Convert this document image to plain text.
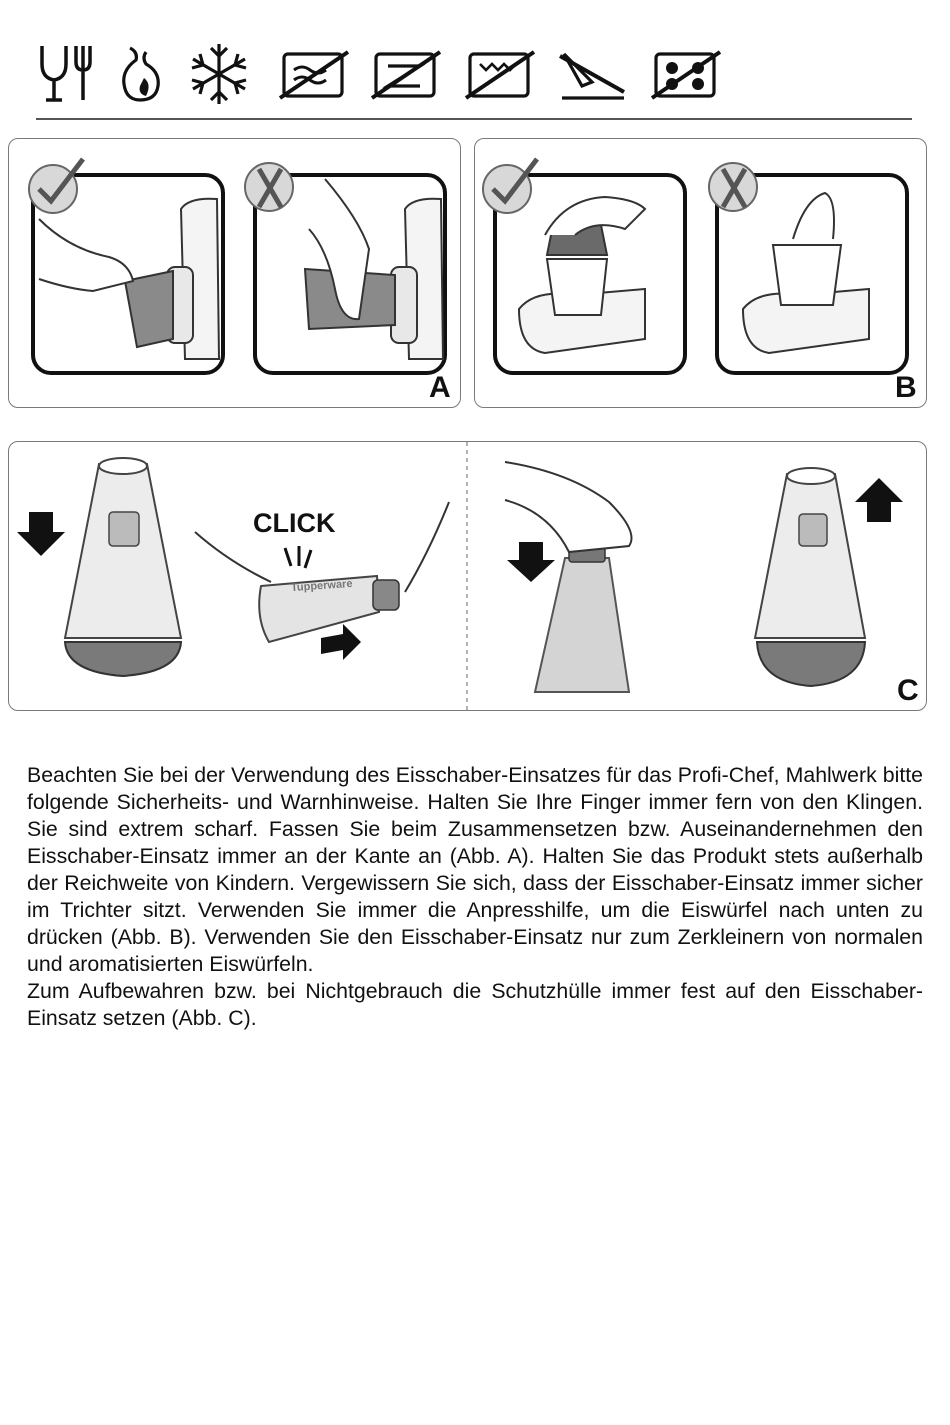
A	B
CLICK
Tupperware
C

Beachten Sie bei der Verwendung des Eisschaber-Einsatzes für das Profi-Chef, Mahlwerk bitte folgende Sicherheits- und Warnhinweise. Halten Sie Ihre Finger immer fern von den Klingen. Sie sind extrem scharf. Fassen Sie beim Zusammensetzen bzw. Auseinandernehmen den Eisschaber-Einsatz immer an der Kante an (Abb. A). Halten Sie das Produkt stets außerhalb der Reichweite von Kindern. Vergewissern Sie sich, dass der Eisschaber-Einsatz immer sicher im Trichter sitzt. Verwenden Sie immer die Anpresshilfe, um die Eiswürfel nach unten zu drücken (Abb. B). Verwenden Sie den Eisschaber-Einsatz nur zum Zerkleinern von normalen und aromatisierten Eiswürfeln.

Zum Aufbewahren bzw. bei Nichtgebrauch die Schutzhülle immer fest auf den Eisschaber-Einsatz setzen (Abb. C).
